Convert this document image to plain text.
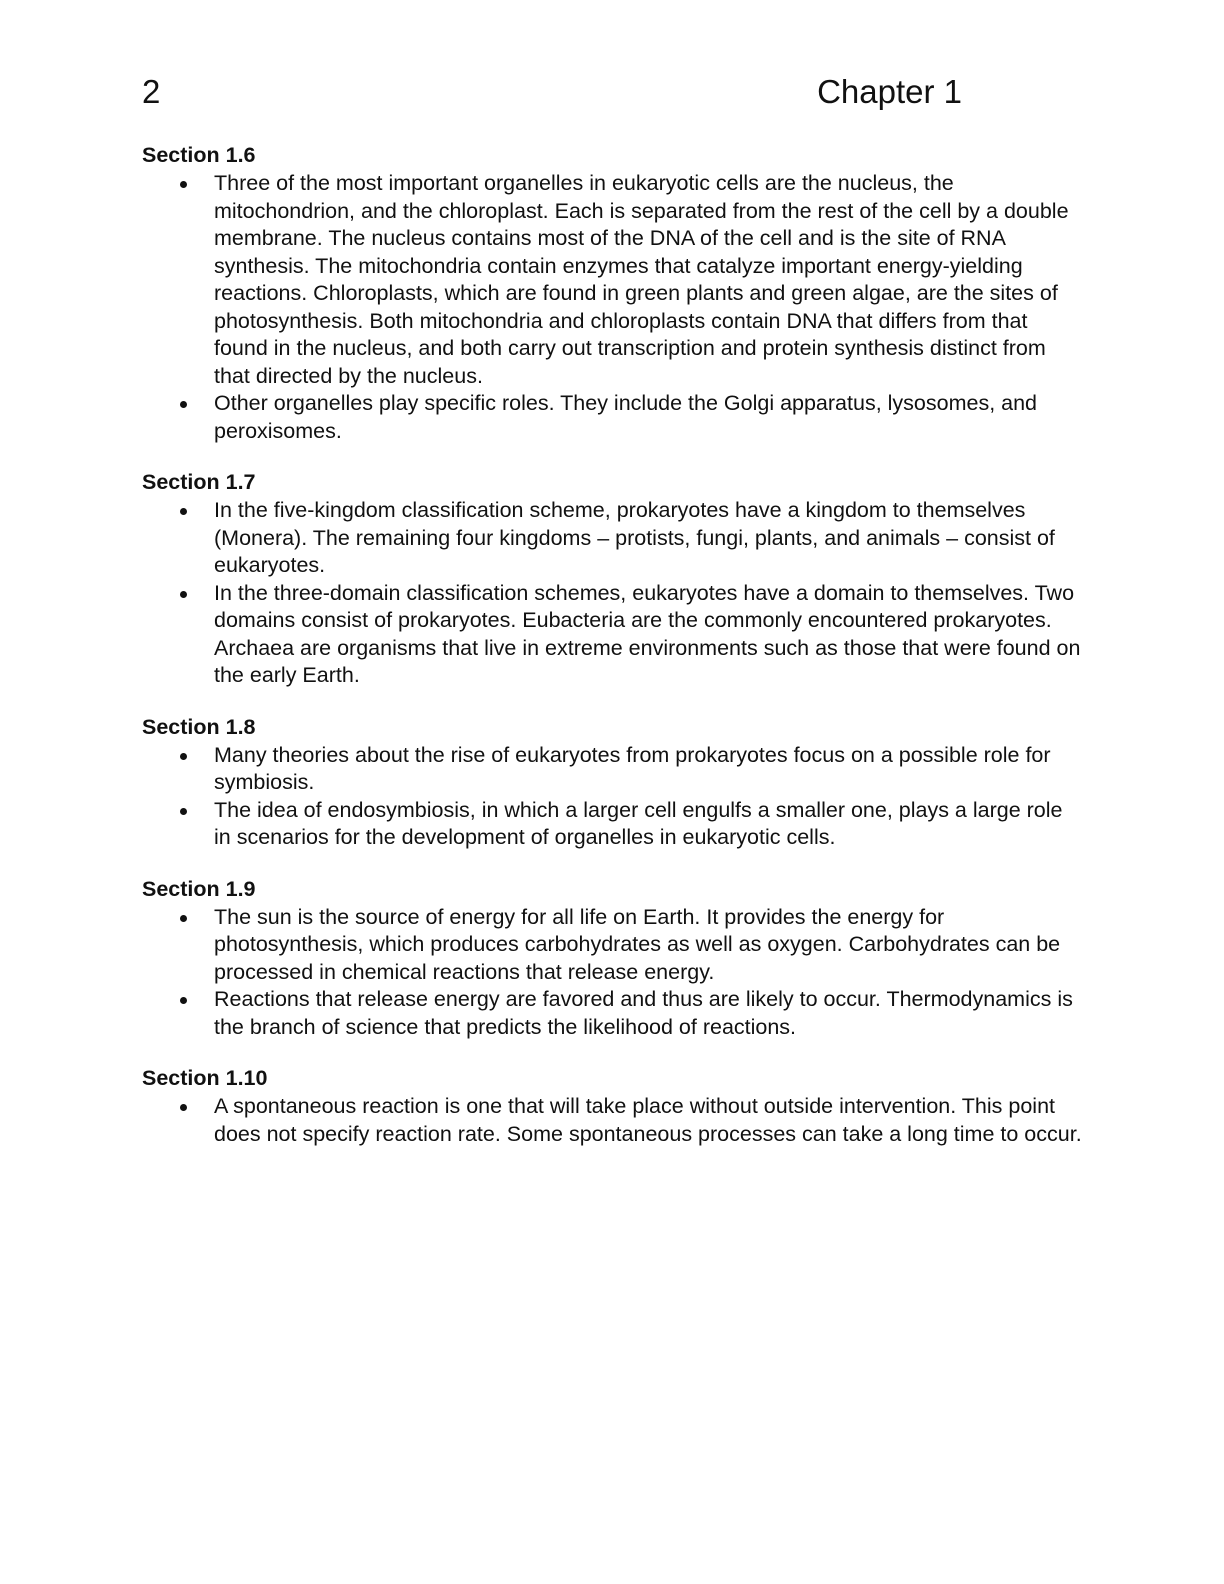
2	Chapter 1
Section 1.6
Three of the most important organelles in eukaryotic cells are the nucleus, the mitochondrion, and the chloroplast. Each is separated from the rest of the cell by a double membrane. The nucleus contains most of the DNA of the cell and is the site of RNA synthesis. The mitochondria contain enzymes that catalyze important energy-yielding reactions. Chloroplasts, which are found in green plants and green algae, are the sites of photosynthesis. Both mitochondria and chloroplasts contain DNA that differs from that found in the nucleus, and both carry out transcription and protein synthesis distinct from that directed by the nucleus.
Other organelles play specific roles. They include the Golgi apparatus, lysosomes, and peroxisomes.
Section 1.7
In the five-kingdom classification scheme, prokaryotes have a kingdom to themselves (Monera). The remaining four kingdoms – protists, fungi, plants, and animals – consist of eukaryotes.
In the three-domain classification schemes, eukaryotes have a domain to themselves. Two domains consist of prokaryotes. Eubacteria are the commonly encountered prokaryotes. Archaea are organisms that live in extreme environments such as those that were found on the early Earth.
Section 1.8
Many theories about the rise of eukaryotes from prokaryotes focus on a possible role for symbiosis.
The idea of endosymbiosis, in which a larger cell engulfs a smaller one, plays a large role in scenarios for the development of organelles in eukaryotic cells.
Section 1.9
The sun is the source of energy for all life on Earth. It provides the energy for photosynthesis, which produces carbohydrates as well as oxygen. Carbohydrates can be processed in chemical reactions that release energy.
Reactions that release energy are favored and thus are likely to occur. Thermodynamics is the branch of science that predicts the likelihood of reactions.
Section 1.10
A spontaneous reaction is one that will take place without outside intervention. This point does not specify reaction rate. Some spontaneous processes can take a long time to occur.
